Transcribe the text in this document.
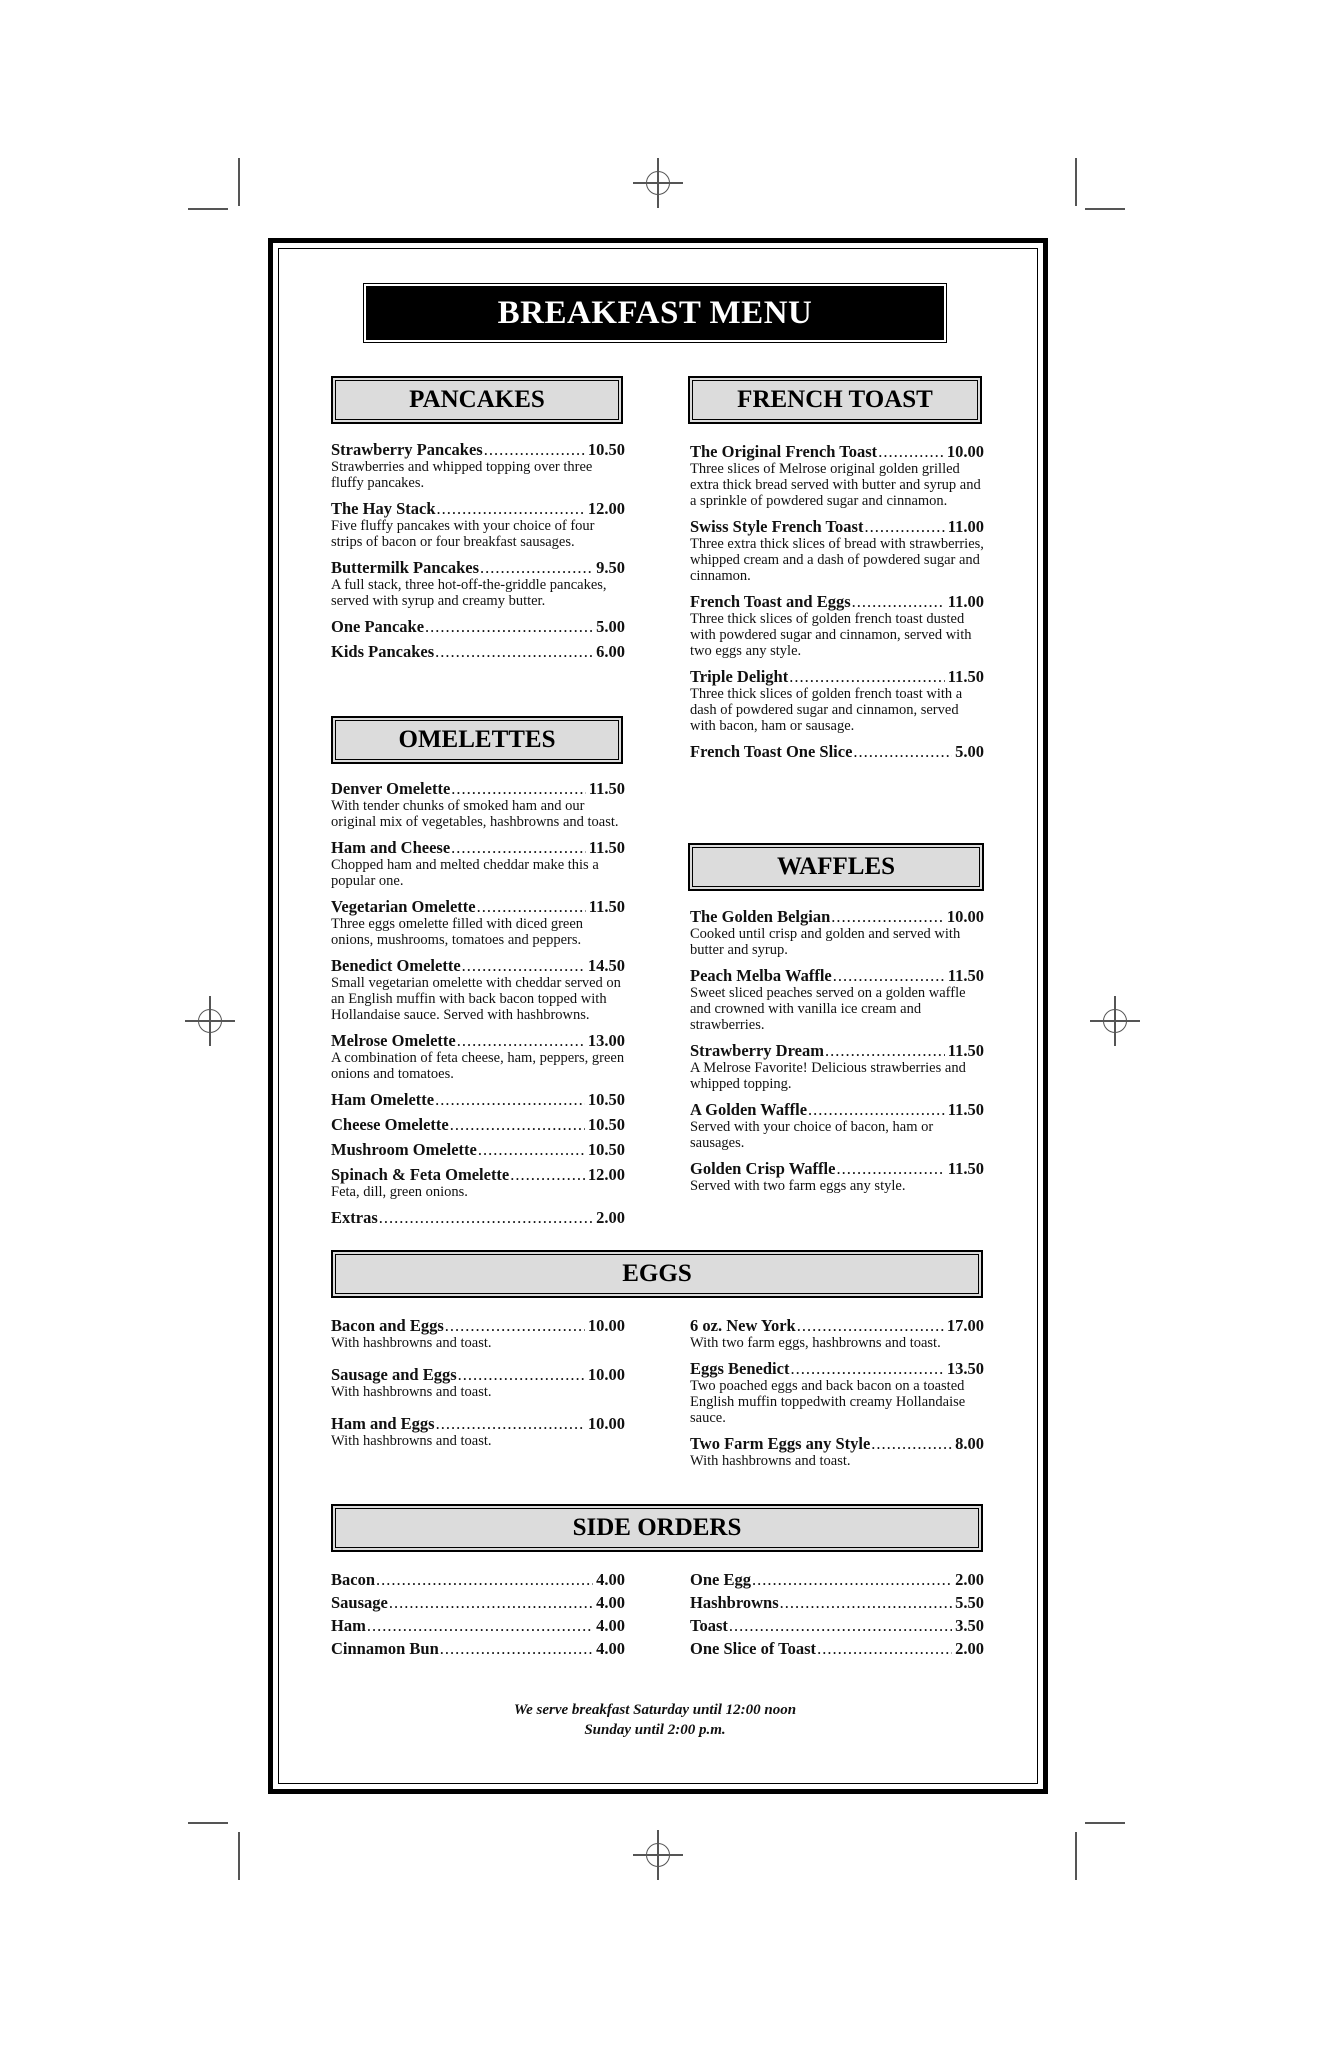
BREAKFAST MENU
PANCAKES	FRENCH TOAST
OMELETTES
WAFFLES
EGGS
SIDE ORDERS
Strawberry Pancakes .....	10.50
Strawberries and whipped topping over three fluffy pancakes.
The Hay Stack .....	12.00
Five fluffy pancakes with your choice of four strips of bacon or four breakfast sausages.
Buttermilk Pancakes .....	9.50
A full stack, three hot-off-the-griddle pancakes, served with syrup and creamy butter.
One Pancake .....	5.00
Kids Pancakes .....	6.00
The Original French Toast .....	10.00
Three slices of Melrose original golden grilled extra thick bread served with butter and syrup and a sprinkle of powdered sugar and cinnamon.
Swiss Style French Toast .....	11.00
Three extra thick slices of bread with strawberries, whipped cream and a dash of powdered sugar and cinnamon.
French Toast and Eggs .....	11.00
Three thick slices of golden french toast dusted with powdered sugar and cinnamon, served with two eggs any style.
Triple Delight .....	11.50
Three thick slices of golden french toast with a dash of powdered sugar and cinnamon, served with bacon, ham or sausage.
French Toast One Slice .....	5.00
Denver Omelette .....	11.50
With tender chunks of smoked ham and our original mix of vegetables, hashbrowns and toast.
Ham and Cheese .....	11.50
Chopped ham and melted cheddar make this a popular one.
Vegetarian Omelette .....	11.50
Three eggs omelette filled with diced green onions, mushrooms, tomatoes and peppers.
Benedict Omelette .....	14.50
Small vegetarian omelette with cheddar served on an English muffin with back bacon topped with Hollandaise sauce. Served with hashbrowns.
Melrose Omelette .....	13.00
A combination of feta cheese, ham, peppers, green onions and tomatoes.
Ham Omelette .....	10.50
Cheese Omelette .....	10.50
Mushroom Omelette .....	10.50
Spinach & Feta Omelette .....	12.00
Feta, dill, green onions.
Extras .....	2.00
The Golden Belgian .....	10.00
Cooked until crisp and golden and served with butter and syrup.
Peach Melba Waffle .....	11.50
Sweet sliced peaches served on a golden waffle and crowned with vanilla ice cream and strawberries.
Strawberry Dream .....	11.50
A Melrose Favorite! Delicious strawberries and whipped topping.
A Golden Waffle .....	11.50
Served with your choice of bacon, ham or sausages.
Golden Crisp Waffle .....	11.50
Served with two farm eggs any style.
Bacon and Eggs .....	10.00
With hashbrowns and toast.
Sausage and Eggs .....	10.00
With hashbrowns and toast.
Ham and Eggs .....	10.00
With hashbrowns and toast.
6 oz. New York .....	17.00
With two farm eggs, hashbrowns and toast.
Eggs Benedict .....	13.50
Two poached eggs and back bacon on a toasted English muffin toppedwith creamy Hollandaise sauce.
Two Farm Eggs any Style .....	8.00
With hashbrowns and toast.
Bacon .....	4.00
Sausage .....	4.00
Ham .....	4.00
Cinnamon Bun .....	4.00
One Egg .....	2.00
Hashbrowns .....	5.50
Toast .....	3.50
One Slice of Toast .....	2.00
We serve breakfast Saturday until 12:00 noon
Sunday until 2:00 p.m.
